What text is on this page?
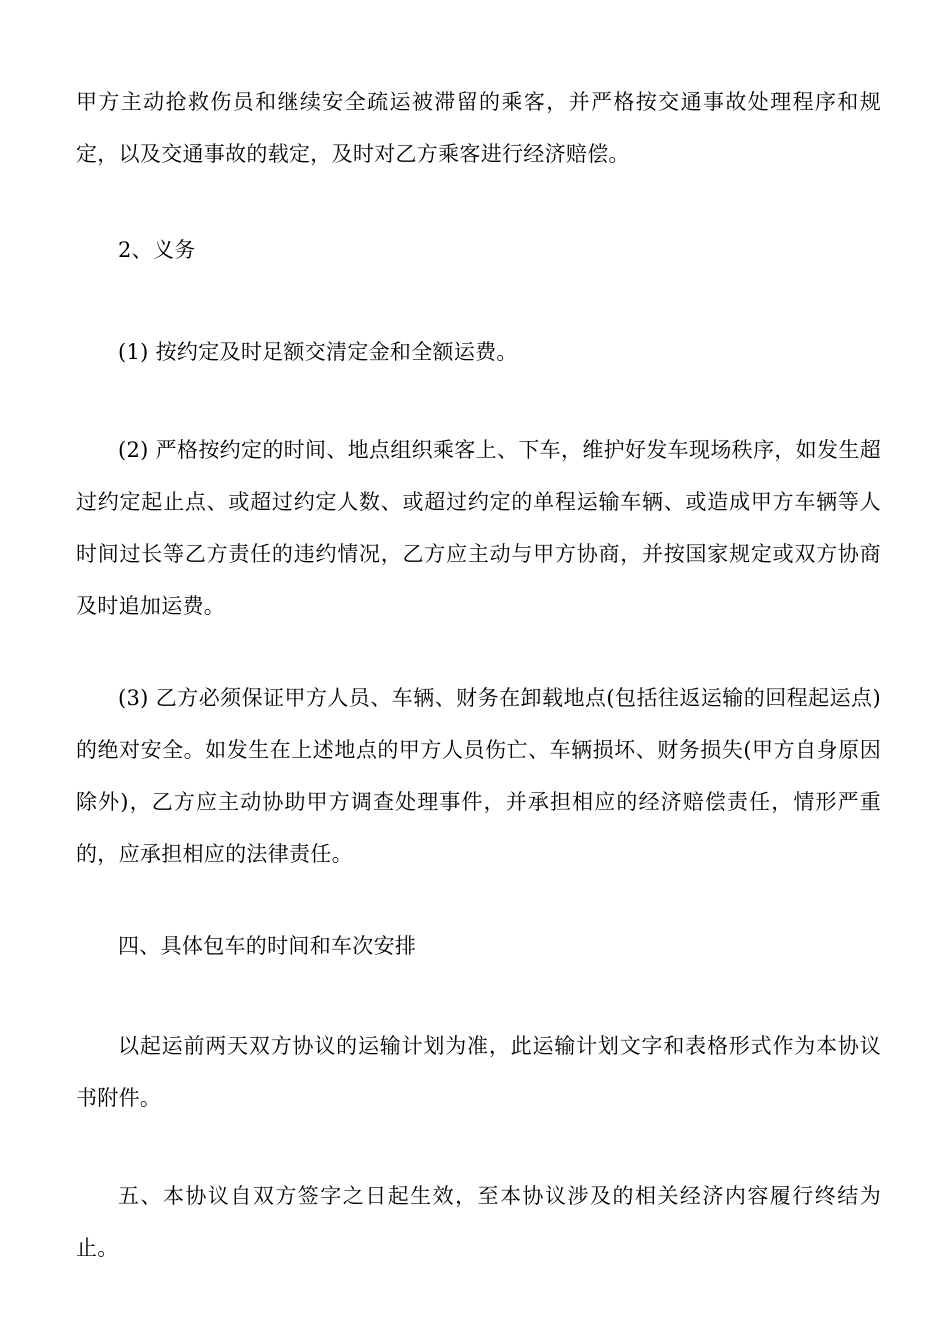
甲方主动抢救伤员和继续安全疏运被滞留的乘客，并严格按交通事故处理程序和规定，以及交通事故的载定，及时对乙方乘客进行经济赔偿。

2、义务

(1) 按约定及时足额交清定金和全额运费。

(2) 严格按约定的时间、地点组织乘客上、下车，维护好发车现场秩序，如发生超过约定起止点、或超过约定人数、或超过约定的单程运输车辆、或造成甲方车辆等人时间过长等乙方责任的违约情况，乙方应主动与甲方协商，并按国家规定或双方协商及时追加运费。

(3) 乙方必须保证甲方人员、车辆、财务在卸载地点(包括往返运输的回程起运点)的绝对安全。如发生在上述地点的甲方人员伤亡、车辆损坏、财务损失(甲方自身原因除外)，乙方应主动协助甲方调查处理事件，并承担相应的经济赔偿责任，情形严重的，应承担相应的法律责任。

四、具体包车的时间和车次安排

以起运前两天双方协议的运输计划为准，此运输计划文字和表格形式作为本协议书附件。

五、本协议自双方签字之日起生效，至本协议涉及的相关经济内容履行终结为止。
